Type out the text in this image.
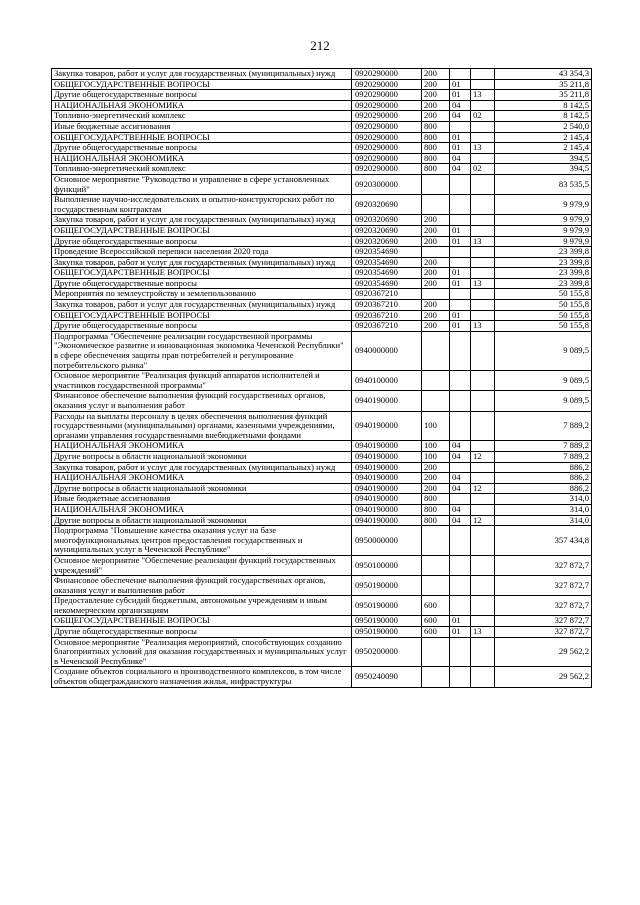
212
Закупка товаров, работ и услуг для государственных (муниципальных) нужд	0920290000	200			43 354,3
ОБЩЕГОСУДАРСТВЕННЫЕ ВОПРОСЫ	0920290000	200	01		35 211,8
Другие общегосударственные вопросы	0920290000	200	01	13	35 211,8
НАЦИОНАЛЬНАЯ ЭКОНОМИКА	0920290000	200	04		8 142,5
Топливно-энергетический комплекс	0920290000	200	04	02	8 142,5
Иные бюджетные ассигнования	0920290000	800			2 540,0
ОБЩЕГОСУДАРСТВЕННЫЕ ВОПРОСЫ	0920290000	800	01		2 145,4
Другие общегосударственные вопросы	0920290000	800	01	13	2 145,4
НАЦИОНАЛЬНАЯ ЭКОНОМИКА	0920290000	800	04		394,5
Топливно-энергетический комплекс	0920290000	800	04	02	394,5
Основное мероприятие "Руководство и управление в сфере установленных функций"	0920300000				83 535,5
Выполнение научно-исследовательских и опытно-конструкторских работ по государственным контрактам	0920320690				9 979,9
Закупка товаров, работ и услуг для государственных (муниципальных) нужд	0920320690	200			9 979,9
ОБЩЕГОСУДАРСТВЕННЫЕ ВОПРОСЫ	0920320690	200	01		9 979,9
Другие общегосударственные вопросы	0920320690	200	01	13	9 979,9
Проведение Всероссийской переписи населения 2020 года	0920354690				23 399,8
Закупка товаров, работ и услуг для государственных (муниципальных) нужд	0920354690	200			23 399,8
ОБЩЕГОСУДАРСТВЕННЫЕ ВОПРОСЫ	0920354690	200	01		23 399,8
Другие общегосударственные вопросы	0920354690	200	01	13	23 399,8
Мероприятия по землеустройству и землепользованию	0920367210				50 155,8
Закупка товаров, работ и услуг для государственных (муниципальных) нужд	0920367210	200			50 155,8
ОБЩЕГОСУДАРСТВЕННЫЕ ВОПРОСЫ	0920367210	200	01		50 155,8
Другие общегосударственные вопросы	0920367210	200	01	13	50 155,8
Подпрограмма "Обеспечение реализации государственной программы "Экономическое развитие и инновационная экономика Чеченской Республики" в сфере обеспечения защиты прав потребителей и регулирование потребительского рынка"	0940000000				9 089,5
Основное мероприятие "Реализация функций аппаратов исполнителей и участников государственной программы"	0940100000				9 089,5
Финансовое обеспечение выполнения функций государственных органов, оказания услуг и выполнения работ	0940190000				9 089,5
Расходы на выплаты персоналу в целях обеспечения выполнения функций государственными (муниципальными) органами, казенными учреждениями, органами управления государственными внебюджетными фондами	0940190000	100			7 889,2
НАЦИОНАЛЬНАЯ ЭКОНОМИКА	0940190000	100	04		7 889,2
Другие вопросы в области национальной экономики	0940190000	100	04	12	7 889,2
Закупка товаров, работ и услуг для государственных (муниципальных) нужд	0940190000	200			886,2
НАЦИОНАЛЬНАЯ ЭКОНОМИКА	0940190000	200	04		886,2
Другие вопросы в области национальной экономики	0940190000	200	04	12	886,2
Иные бюджетные ассигнования	0940190000	800			314,0
НАЦИОНАЛЬНАЯ ЭКОНОМИКА	0940190000	800	04		314,0
Другие вопросы в области национальной экономики	0940190000	800	04	12	314,0
Подпрограмма "Повышение качества оказания услуг на базе многофункциональных центров предоставления государственных и муниципальных услуг в Чеченской Республике"	0950000000				357 434,8
Основное мероприятие "Обеспечение реализации функций государственных учреждений"	0950100000				327 872,7
Финансовое обеспечение выполнения функций государственных органов, оказания услуг и выполнения работ	0950190000				327 872,7
Предоставление субсидий бюджетным, автономным учреждениям и иным некоммерческим организациям	0950190000	600			327 872,7
ОБЩЕГОСУДАРСТВЕННЫЕ ВОПРОСЫ	0950190000	600	01		327 872,7
Другие общегосударственные вопросы	0950190000	600	01	13	327 872,7
Основное мероприятие "Реализация мероприятий, способствующих созданию благоприятных условий для оказания государственных и муниципальных услуг в Чеченской Республике"	0950200000				29 562,2
Создание объектов социального и производственного комплексов, в том числе объектов общегражданского назначения жилья, инфраструктуры	0950240090				29 562,2
